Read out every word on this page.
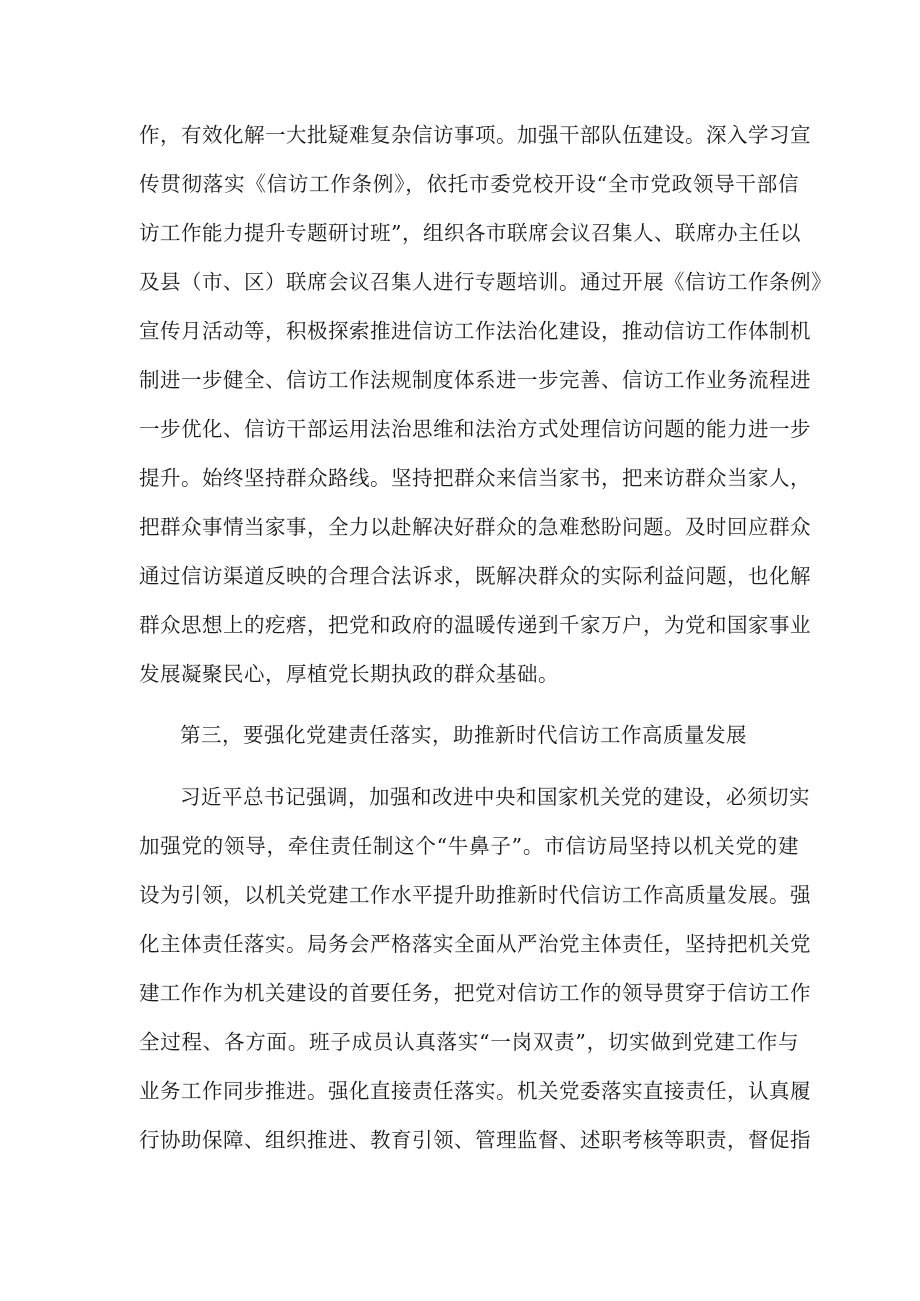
作，有效化解一大批疑难复杂信访事项。加强干部队伍建设。深入学习宣
传贯彻落实《信访工作条例》，依托市委党校开设“全市党政领导干部信
访工作能力提升专题研讨班”，组织各市联席会议召集人、联席办主任以
及县（市、区）联席会议召集人进行专题培训。通过开展《信访工作条例》
宣传月活动等，积极探索推进信访工作法治化建设，推动信访工作体制机
制进一步健全、信访工作法规制度体系进一步完善、信访工作业务流程进
一步优化、信访干部运用法治思维和法治方式处理信访问题的能力进一步
提升。始终坚持群众路线。坚持把群众来信当家书，把来访群众当家人，
把群众事情当家事，全力以赴解决好群众的急难愁盼问题。及时回应群众
通过信访渠道反映的合理合法诉求，既解决群众的实际利益问题，也化解
群众思想上的疙瘩，把党和政府的温暖传递到千家万户，为党和国家事业
发展凝聚民心，厚植党长期执政的群众基础。
第三，要强化党建责任落实，助推新时代信访工作高质量发展
习近平总书记强调，加强和改进中央和国家机关党的建设，必须切实
加强党的领导，牵住责任制这个“牛鼻子”。市信访局坚持以机关党的建
设为引领，以机关党建工作水平提升助推新时代信访工作高质量发展。强
化主体责任落实。局务会严格落实全面从严治党主体责任，坚持把机关党
建工作作为机关建设的首要任务，把党对信访工作的领导贯穿于信访工作
全过程、各方面。班子成员认真落实“一岗双责”，切实做到党建工作与
业务工作同步推进。强化直接责任落实。机关党委落实直接责任，认真履
行协助保障、组织推进、教育引领、管理监督、述职考核等职责，督促指
